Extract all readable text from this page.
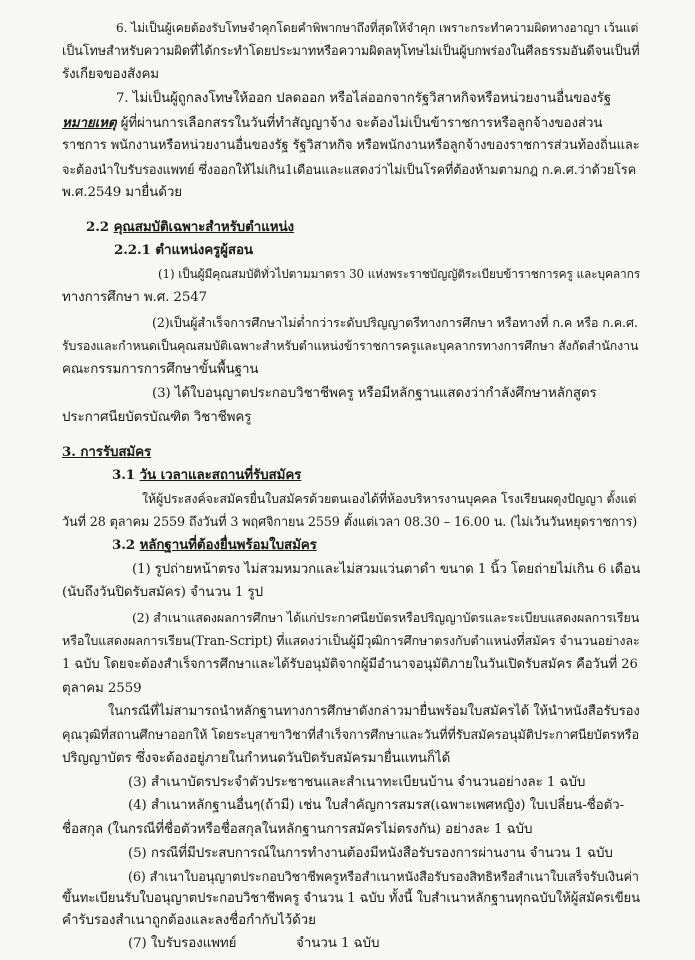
6. ไม่เป็นผู้เคยต้องรับโทษจำคุกโดยคำพิพากษาถึงที่สุดให้จำคุก เพราะกระทำความผิดทางอาญา เว้นแต่
เป็นโทษสำหรับความผิดที่ได้กระทำโดยประมาทหรือความผิดลหุโทษไม่เป็นผู้บกพร่องในศีลธรรมอันดีจนเป็นที่
รังเกียจของสังคม
7. ไม่เป็นผู้ถูกลงโทษให้ออก ปลดออก หรือไล่ออกจากรัฐวิสาหกิจหรือหน่วยงานอื่นของรัฐ
หมายเหตุ ผู้ที่ผ่านการเลือกสรรในวันที่ทำสัญญาจ้าง จะต้องไม่เป็นข้าราชการหรือลูกจ้างของส่วน
ราชการ พนักงานหรือหน่วยงานอื่นของรัฐ รัฐวิสาหกิจ หรือพนักงานหรือลูกจ้างของราชการส่วนท้องถิ่นและ
จะต้องนำใบรับรองแพทย์ ซึ่งออกให้ไม่เกิน1เดือนและแสดงว่าไม่เป็นโรคที่ต้องห้ามตามกฎ ก.ค.ศ.ว่าด้วยโรค
พ.ศ.2549 มายื่นด้วย
2.2 คุณสมบัติเฉพาะสำหรับตำแหน่ง
2.2.1 ตำแหน่งครูผู้สอน
(1) เป็นผู้มีคุณสมบัติทั่วไปตามมาตรา 30 แห่งพระราชบัญญัติระเบียบข้าราชการครู และบุคลากร
ทางการศึกษา พ.ศ. 2547
(2)เป็นผู้สำเร็จการศึกษาไม่ต่ำกว่าระดับปริญญาตรีทางการศึกษา หรือทางที่ ก.ค หรือ ก.ค.ศ.
รับรองและกำหนดเป็นคุณสมบัติเฉพาะสำหรับตำแหน่งข้าราชการครูและบุคลากรทางการศึกษา สังกัดสำนักงาน
คณะกรรมการการศึกษาขั้นพื้นฐาน
(3) ได้ใบอนุญาตประกอบวิชาชีพครู หรือมีหลักฐานแสดงว่ากำลังศึกษาหลักสูตร
ประกาศนียบัตรบัณฑิต วิชาชีพครู
3. การรับสมัคร
3.1 วัน เวลาและสถานที่รับสมัคร
ให้ผู้ประสงค์จะสมัครยื่นใบสมัครด้วยตนเองได้ที่ห้องบริหารงานบุคคล โรงเรียนผดุงปัญญา ตั้งแต่
วันที่ 28 ตุลาคม 2559 ถึงวันที่ 3 พฤศจิกายน 2559 ตั้งแต่เวลา 08.30 – 16.00 น. (ไม่เว้นวันหยุดราชการ)
3.2 หลักฐานที่ต้องยื่นพร้อมใบสมัคร
(1) รูปถ่ายหน้าตรง ไม่สวมหมวกและไม่สวมแว่นตาดำ ขนาด 1 นิ้ว โดยถ่ายไม่เกิน 6 เดือน
(นับถึงวันปิดรับสมัคร) จำนวน 1 รูป
(2) สำเนาแสดงผลการศึกษา ได้แก่ประกาศนียบัตรหรือปริญญาบัตรและระเบียบแสดงผลการเรียน
หรือใบแสดงผลการเรียน(Tran-Script) ที่แสดงว่าเป็นผู้มีวุฒิการศึกษาตรงกับตำแหน่งที่สมัคร จำนวนอย่างละ
1 ฉบับ โดยจะต้องสำเร็จการศึกษาและได้รับอนุมัติจากผู้มีอำนาจอนุมัติภายในวันเปิดรับสมัคร คือวันที่ 26
ตุลาคม 2559
ในกรณีที่ไม่สามารถนำหลักฐานทางการศึกษาดังกล่าวมายื่นพร้อมใบสมัครได้ ให้นำหนังสือรับรอง
คุณวุฒิที่สถานศึกษาออกให้ โดยระบุสาขาวิชาที่สำเร็จการศึกษาและวันที่ที่รับสมัครอนุมัติประกาศนียบัตรหรือ
ปริญญาบัตร ซึ่งจะต้องอยู่ภายในกำหนดวันปิดรับสมัครมายื่นแทนก็ได้
(3) สำเนาบัตรประจำตัวประชาชนและสำเนาทะเบียนบ้าน จำนวนอย่างละ 1 ฉบับ
(4) สำเนาหลักฐานอื่นๆ(ถ้ามี) เช่น ใบสำคัญการสมรส(เฉพาะเพศหญิง) ใบเปลี่ยน-ชื่อตัว-
ชื่อสกุล (ในกรณีที่ชื่อตัวหรือชื่อสกุลในหลักฐานการสมัครไม่ตรงกัน) อย่างละ 1 ฉบับ
(5) กรณีที่มีประสบการณ์ในการทำงานต้องมีหนังสือรับรองการผ่านงาน จำนวน 1 ฉบับ
(6) สำเนาใบอนุญาตประกอบวิชาชีพครูหรือสำเนาหนังสือรับรองสิทธิหรือสำเนาใบเสร็จรับเงินค่า
ขึ้นทะเบียนรับใบอนุญาตประกอบวิชาชีพครู จำนวน 1 ฉบับ ทั้งนี้ ใบสำเนาหลักฐานทุกฉบับให้ผู้สมัครเขียน
คำรับรองสำเนาถูกต้องและลงชื่อกำกับไว้ด้วย
(7) ใบรับรองแพทย์	จำนวน 1 ฉบับ
